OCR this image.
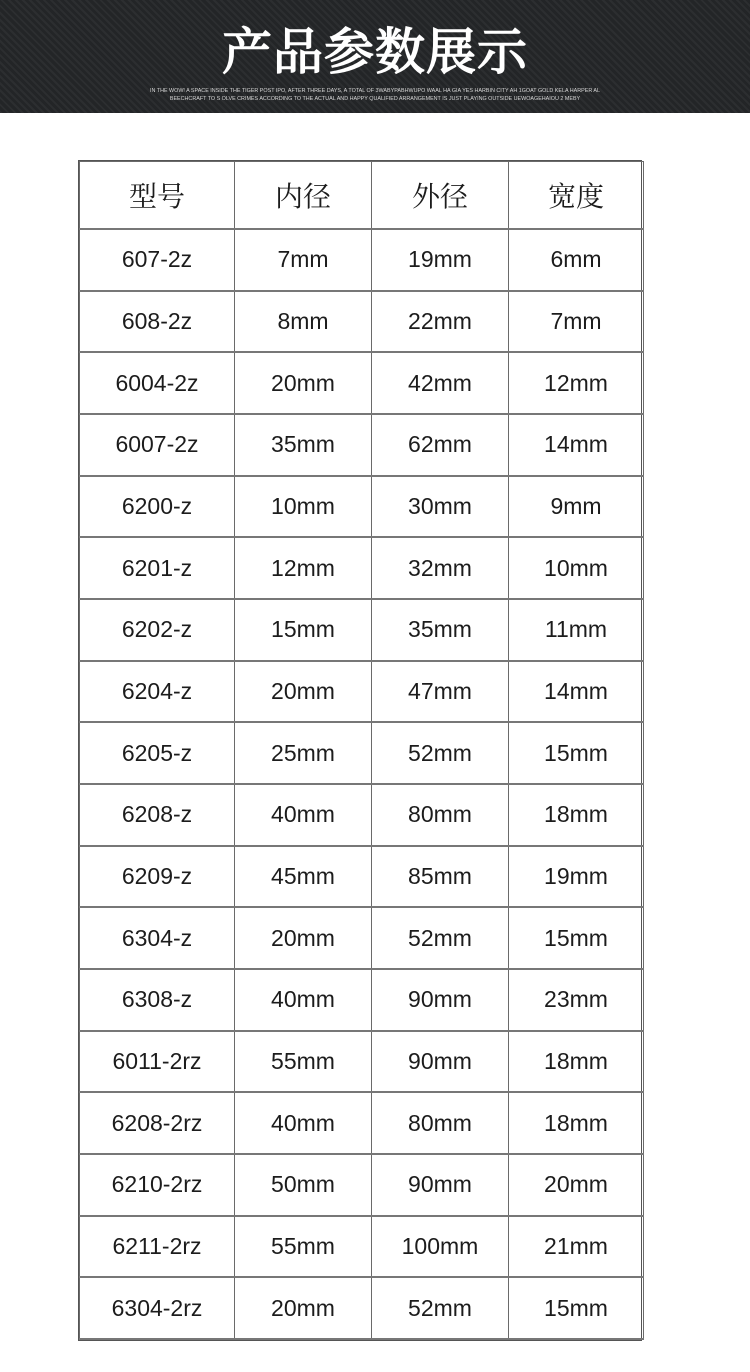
产品参数展示
IN THE WOW! A SPACE INSIDE THE TIGER POST IPO, AFTER THREE DAYS, A TOTAL OF 3WABYPABHWUPO WAAL HA GIA YES HARBIN CITY AH 1GOAT GOLD KELA HARPER AL BEECHCRAFT TO S OLVE CRIMES ACCORDING TO THE ACTUAL AND HAPPY QUALIFIED ARRANGEMENT IS JUST PLAYING OUTSIDE UEWOAGEHAIOU 2 MEBY
型号	内径	外径	宽度
607-2z	7mm	19mm	6mm
608-2z	8mm	22mm	7mm
6004-2z	20mm	42mm	12mm
6007-2z	35mm	62mm	14mm
6200-z	10mm	30mm	9mm
6201-z	12mm	32mm	10mm
6202-z	15mm	35mm	11mm
6204-z	20mm	47mm	14mm
6205-z	25mm	52mm	15mm
6208-z	40mm	80mm	18mm
6209-z	45mm	85mm	19mm
6304-z	20mm	52mm	15mm
6308-z	40mm	90mm	23mm
6011-2rz	55mm	90mm	18mm
6208-2rz	40mm	80mm	18mm
6210-2rz	50mm	90mm	20mm
6211-2rz	55mm	100mm	21mm
6304-2rz	20mm	52mm	15mm
